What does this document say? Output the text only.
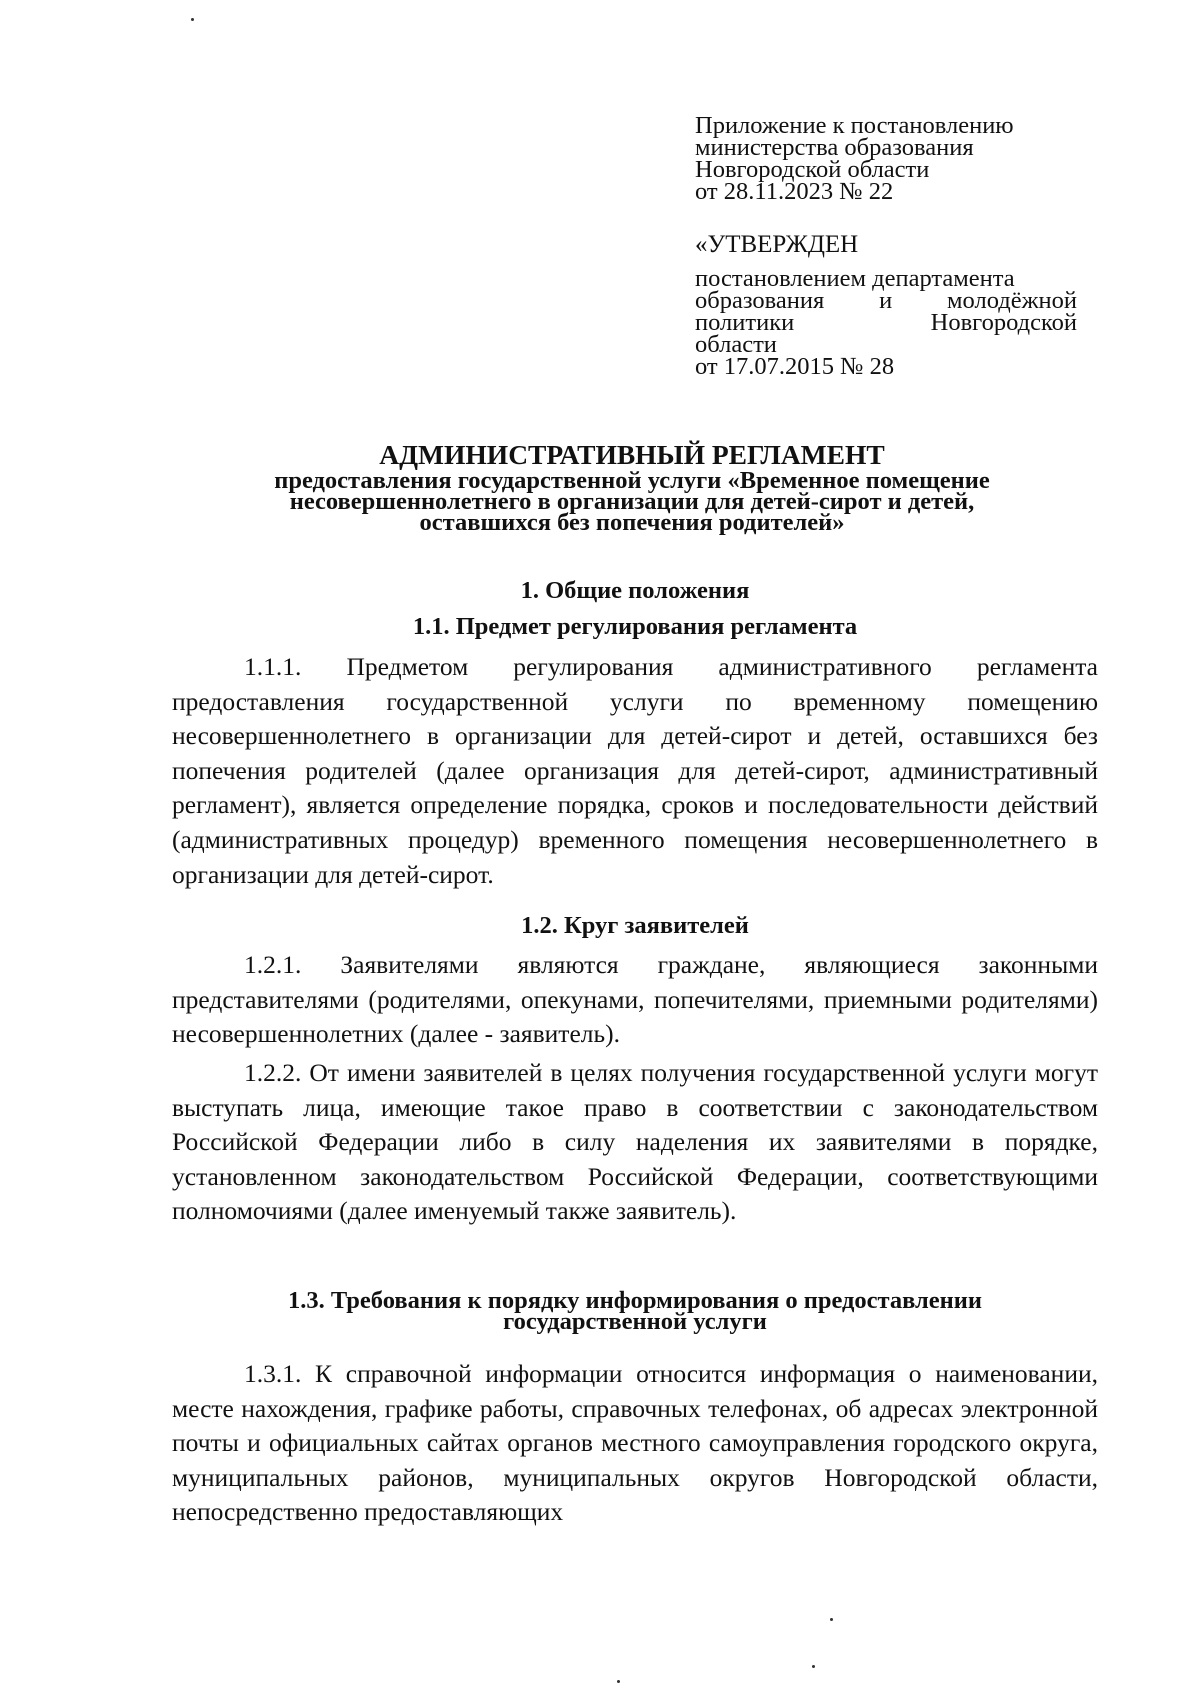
Приложение к постановлению
министерства образования
Новгородской области
от 28.11.2023 № 22
«УТВЕРЖДЕН
постановлением департамента
образования и молодёжной
политики	Новгородской
области
от 17.07.2015 № 28
АДМИНИСТРАТИВНЫЙ РЕГЛАМЕНТ
предоставления государственной услуги «Временное помещение
несовершеннолетнего в организации для детей-сирот и детей,
оставшихся без попечения родителей»
1. Общие положения
1.1. Предмет регулирования регламента
1.1.1. Предметом регулирования административного регламента предоставления государственной услуги по временному помещению несовершеннолетнего в организации для детей-сирот и детей, оставшихся без попечения родителей (далее организация для детей-сирот, административный регламент), является определение порядка, сроков и последовательности действий (административных процедур) временного помещения несовершеннолетнего в организации для детей-сирот.
1.2. Круг заявителей
1.2.1. Заявителями являются граждане, являющиеся законными представителями (родителями, опекунами, попечителями, приемными родителями) несовершеннолетних (далее - заявитель).
1.2.2. От имени заявителей в целях получения государственной услуги могут выступать лица, имеющие такое право в соответствии с законодательством Российской Федерации либо в силу наделения их заявителями в порядке, установленном законодательством Российской Федерации, соответствующими полномочиями (далее именуемый также заявитель).
1.3. Требования к порядку информирования о предоставлении
государственной услуги
1.3.1. К справочной информации относится информация о наименовании, месте нахождения, графике работы, справочных телефонах, об адресах электронной почты и официальных сайтах органов местного самоуправления городского округа, муниципальных районов, муниципальных округов Новгородской области, непосредственно предоставляющих
